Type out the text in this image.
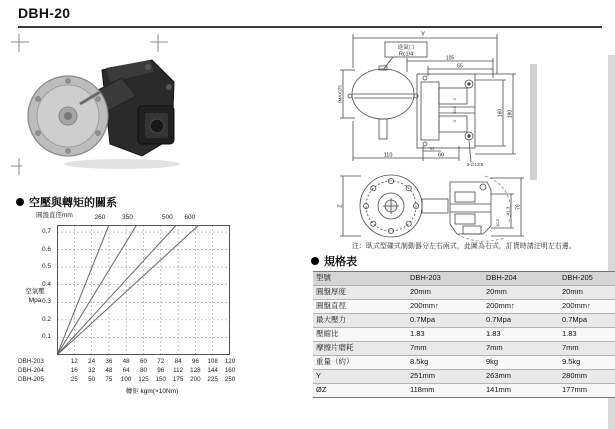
DBH-20
Y
進氣口
Rc1/4
(MAX)75
105
65
160 190
2
20.2
2
110	60
31
3-∅13.5
Z	76
41.3
10.5
空壓與轉矩的關系
圓盤直徑mm	260	350	500 600
0.7
0.6
0.5
0.4
0.3
0.2
0.1
空氣壓
Mpa
DBH-203	12 24 36 48 60 72 84 96 108 120
DBH-204	16 32 48 64 80 96 112 128 144 160
DBH-205	25 50 75 100 125 150 175 200 225 250
轉矩 kgm(×10Nm)
注：臥式型碟式制動器分左右兩式，此圖為右式，訂貨時請注明左右邊。
規格表
型號	DBH-203	DBH-204	DBH-205
圓盤厚度	20mm	20mm	20mm
圓盤直徑	200mm↑	200mm↑	200mm↑
最大壓力	0.7Mpa	0.7Mpa	0.7Mpa
壓縮比	1.83	1.83	1.83
摩擦片磨耗	7mm	7mm	7mm
重量（約）	8.5kg	9kg	9.5kg
Y	251mm	263mm	280mm
ØZ	118mm	141mm	177mm
